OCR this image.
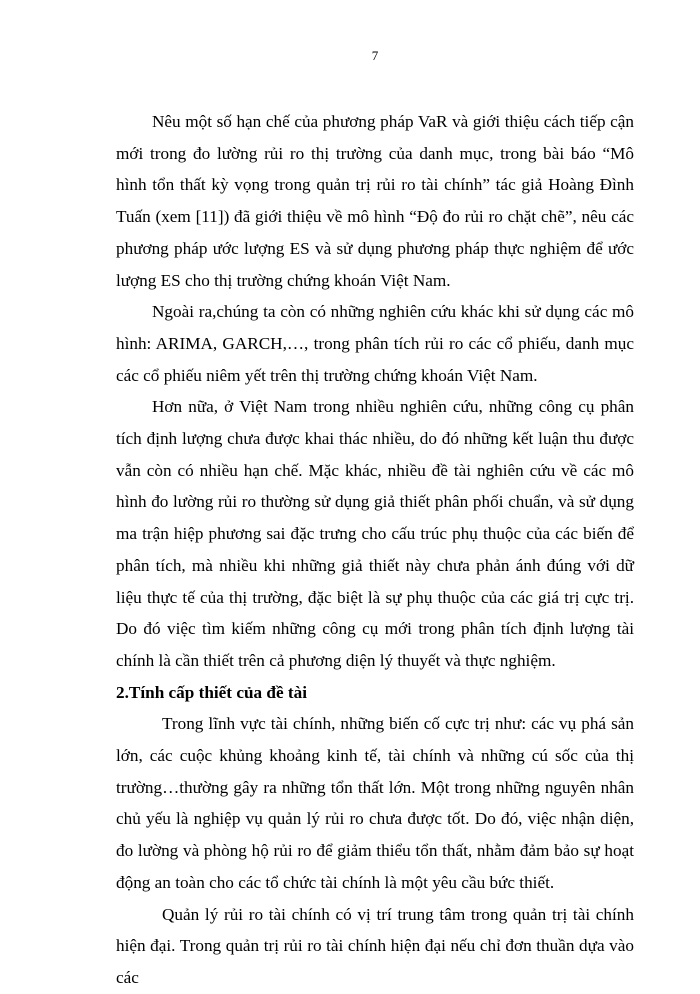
7

Nêu một số hạn chế của phương pháp VaR và giới thiệu cách tiếp cận mới trong đo lường rủi ro thị trường của danh mục, trong bài báo “Mô hình tổn thất kỳ vọng trong quản trị rủi ro tài chính” tác giả Hoàng Đình Tuấn (xem [11]) đã giới thiệu về mô hình “Độ đo rủi ro chặt chẽ”, nêu các phương pháp ước lượng ES và sử dụng phương pháp thực nghiệm để ước lượng ES cho thị trường chứng khoán Việt Nam.

Ngoài ra,chúng ta còn có những nghiên cứu khác khi sử dụng các mô hình: ARIMA, GARCH,…, trong phân tích rủi ro các cổ phiếu, danh mục các cổ phiếu niêm yết trên thị trường chứng khoán Việt Nam.

Hơn nữa, ở Việt Nam trong nhiều nghiên cứu, những công cụ phân tích định lượng chưa được khai thác nhiều, do đó những kết luận thu được vẫn còn có nhiều hạn chế. Mặc khác, nhiều đề tài nghiên cứu về các mô hình đo lường rủi ro thường sử dụng giả thiết phân phối chuẩn, và sử dụng ma trận hiệp phương sai đặc trưng cho cấu trúc phụ thuộc của các biến để phân tích, mà nhiều khi những giả thiết này chưa phản ánh đúng với dữ liệu thực tế của thị trường, đặc biệt là sự phụ thuộc của các giá trị cực trị. Do đó việc tìm kiếm những công cụ mới trong phân tích định lượng tài chính là cần thiết trên cả phương diện lý thuyết và thực nghiệm.

2.Tính cấp thiết của đề tài

Trong lĩnh vực tài chính, những biến cố cực trị như: các vụ phá sản lớn, các cuộc khủng khoảng kinh tế, tài chính và những cú sốc của thị trường…thường gây ra những tổn thất lớn. Một trong những nguyên nhân chủ yếu là nghiệp vụ quản lý rủi ro chưa được tốt. Do đó, việc nhận diện, đo lường và phòng hộ rủi ro để giảm thiểu tổn thất, nhằm đảm bảo sự hoạt động an toàn cho các tổ chức tài chính là một yêu cầu bức thiết.

Quản lý rủi ro tài chính có vị trí trung tâm trong quản trị tài chính hiện đại. Trong quản trị rủi ro tài chính hiện đại nếu chỉ đơn thuần dựa vào các
